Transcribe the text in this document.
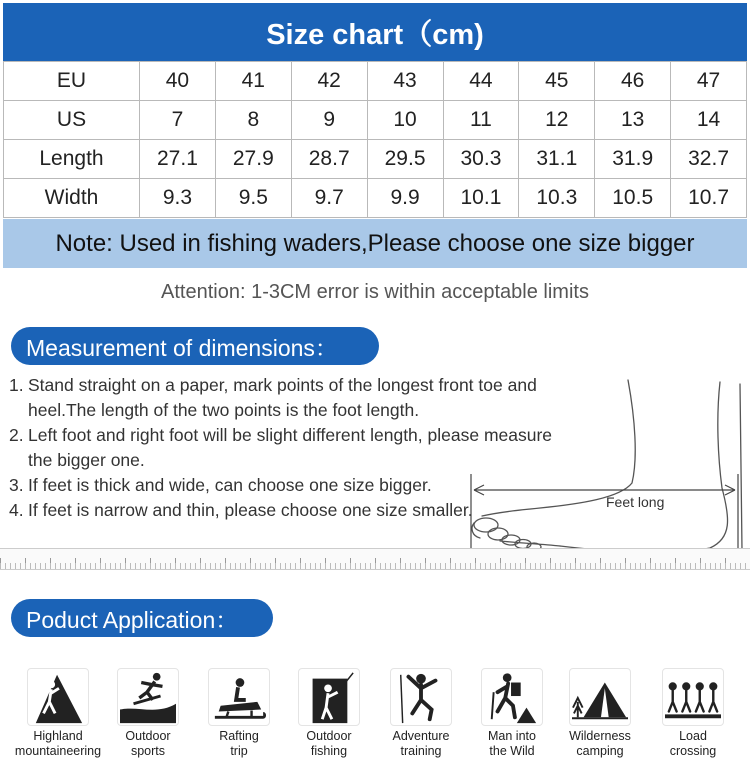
Size chart（cm)
EU	40	41	42	43	44	45	46	47
US	7	8	9	10	11	12	13	14
Length	27.1	27.9	28.7	29.5	30.3	31.1	31.9	32.7
Width	9.3	9.5	9.7	9.9	10.1	10.3	10.5	10.7
Note: Used in fishing waders,Please choose one size bigger
Attention: 1-3CM error is within acceptable limits
Measurement of dimensions：
1. Stand straight on a paper, mark points of the longest front toe and heel.The length of the two points is the foot length.
2. Left foot and right foot will be slight different length, please measure the bigger one.
3. If feet is thick and wide, can choose one size bigger.
4. If feet is narrow and thin, please choose one size smaller.	Feet long
Poduct Application：
Highland
mountaineering
Outdoor
sports
Rafting
trip
Outdoor
fishing
Adventure
training
Man into
the Wild
Wilderness
camping
Load
crossing
